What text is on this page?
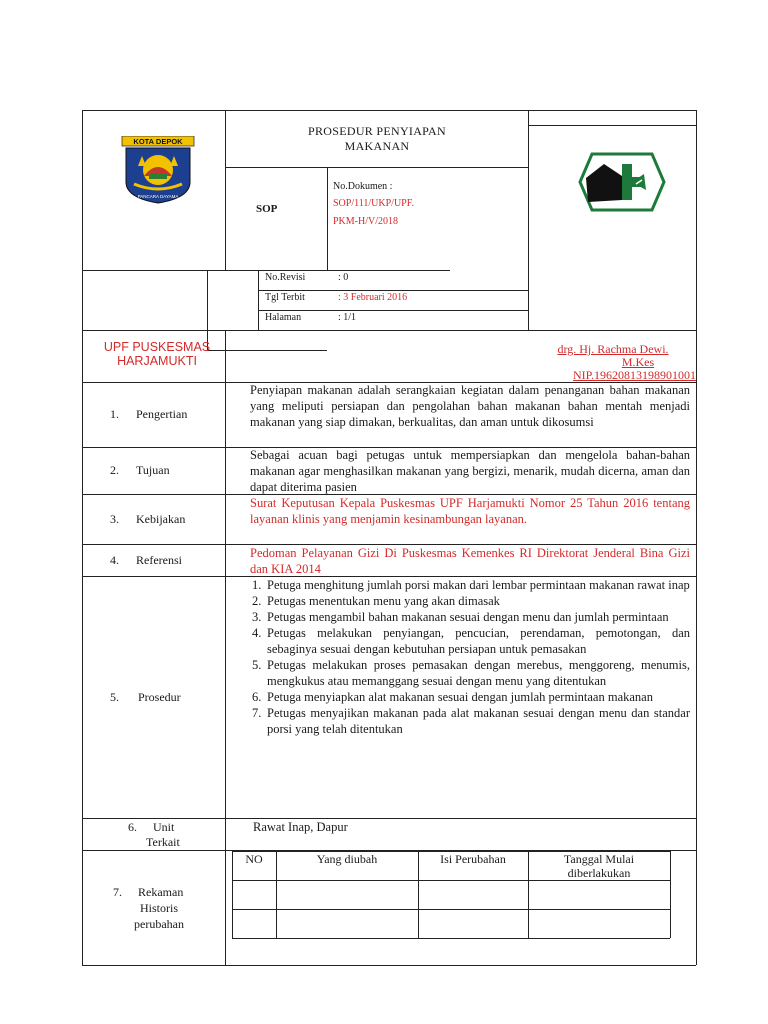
KOTA DEPOK
PANCARA DAYAMA
PROSEDUR PENYIAPAN
MAKANAN
SOP
No.Dokumen :
SOP/111/UKP/UPF.
PKM-H/V/2018
No.Revisi	: 0
Tgl Terbit	: 3 Februari 2016
Halaman	: 1/1
UPF PUSKESMAS
HARJAMUKTI
drg. Hj. Rachma Dewi.
M.Kes
NIP.19620813198901001
1. Pengertian
Penyiapan makanan adalah serangkaian kegiatan dalam penanganan bahan makanan yang meliputi persiapan dan pengolahan bahan makanan bahan mentah menjadi makanan yang siap dimakan, berkualitas, dan aman untuk dikosumsi
2. Tujuan
Sebagai acuan bagi petugas untuk mempersiapkan dan mengelola bahan-bahan makanan agar menghasilkan makanan yang bergizi, menarik, mudah dicerna, aman dan dapat diterima pasien
3. Kebijakan
Surat Keputusan Kepala Puskesmas UPF Harjamukti Nomor 25 Tahun 2016 tentang layanan klinis yang menjamin kesinambungan layanan.
4. Referensi	Pedoman Pelayanan Gizi Di Puskesmas Kemenkes RI Direktorat Jenderal Bina Gizi dan KIA 2014
5. Prosedur
1. Petuga menghitung jumlah porsi makan dari lembar permintaan makanan rawat inap
2. Petugas menentukan menu yang akan dimasak
3. Petugas mengambil bahan makanan sesuai dengan menu dan jumlah permintaan
4. Petugas melakukan penyiangan, pencucian, perendaman, pemotongan, dan sebaginya sesuai dengan kebutuhan persiapan untuk pemasakan
5. Petugas melakukan proses pemasakan dengan merebus, menggoreng, menumis, mengkukus atau memanggang sesuai dengan menu yang ditentukan
6. Petuga menyiapkan alat makanan sesuai dengan jumlah permintaan makanan
7. Petugas menyajikan makanan pada alat makanan sesuai dengan menu dan standar porsi yang telah ditentukan
6. Unit
Terkait
Rawat Inap, Dapur
7. Rekaman
Historis
perubahan
NO	Yang diubah	Isi Perubahan	Tanggal Mulai
diberlakukan
